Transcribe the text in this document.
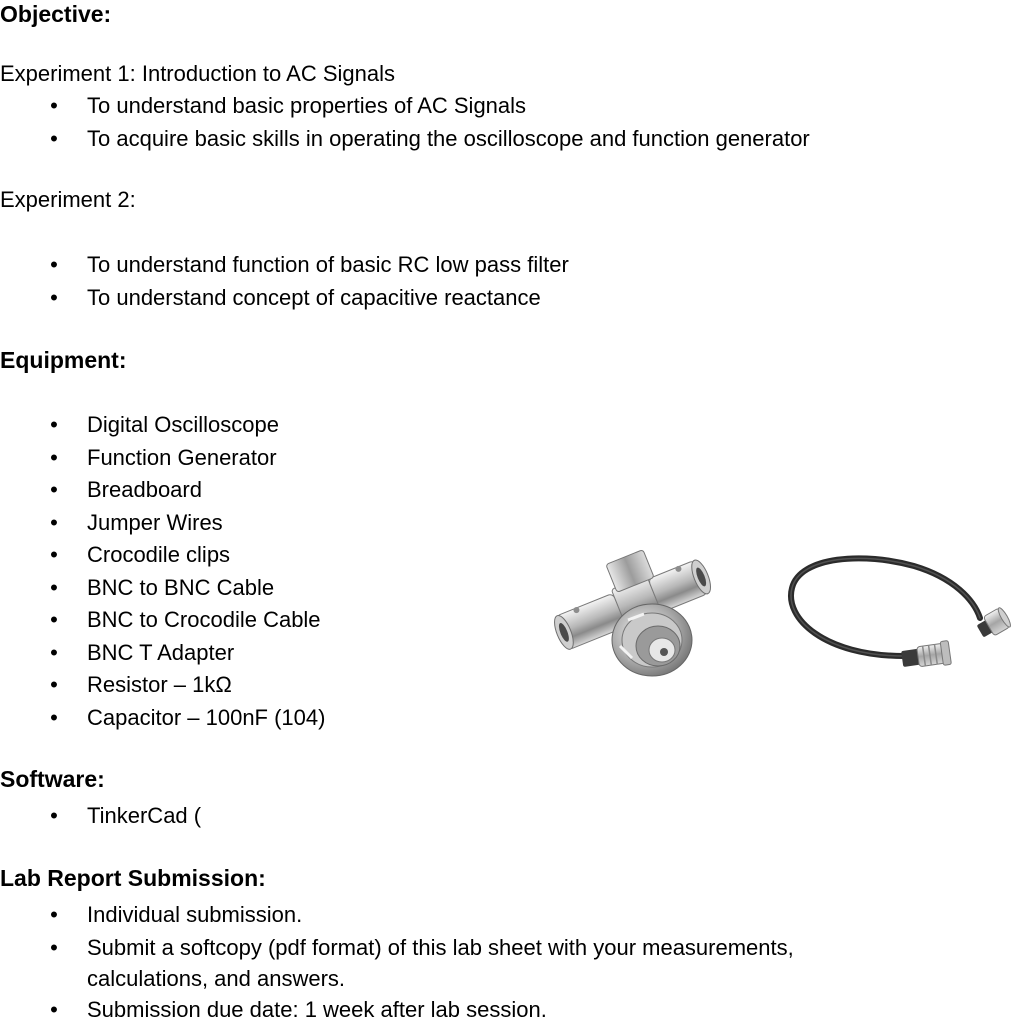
Objective:

Experiment 1: Introduction to AC Signals

• To understand basic properties of AC Signals
• To acquire basic skills in operating the oscilloscope and function generator

Experiment 2:

• To understand function of basic RC low pass filter
• To understand concept of capacitive reactance
Equipment:
• Digital Oscilloscope
• Function Generator
• Breadboard
• Jumper Wires
• Crocodile clips
• BNC to BNC Cable
• BNC to Crocodile Cable
• BNC T Adapter
• Resistor – 1kΩ
• Capacitor – 100nF (104)
Software:
• TinkerCad (
Lab Report Submission:
• Individual submission.
• Submit a softcopy (pdf format) of this lab sheet with your measurements,
calculations, and answers.
• Submission due date: 1 week after lab session.
